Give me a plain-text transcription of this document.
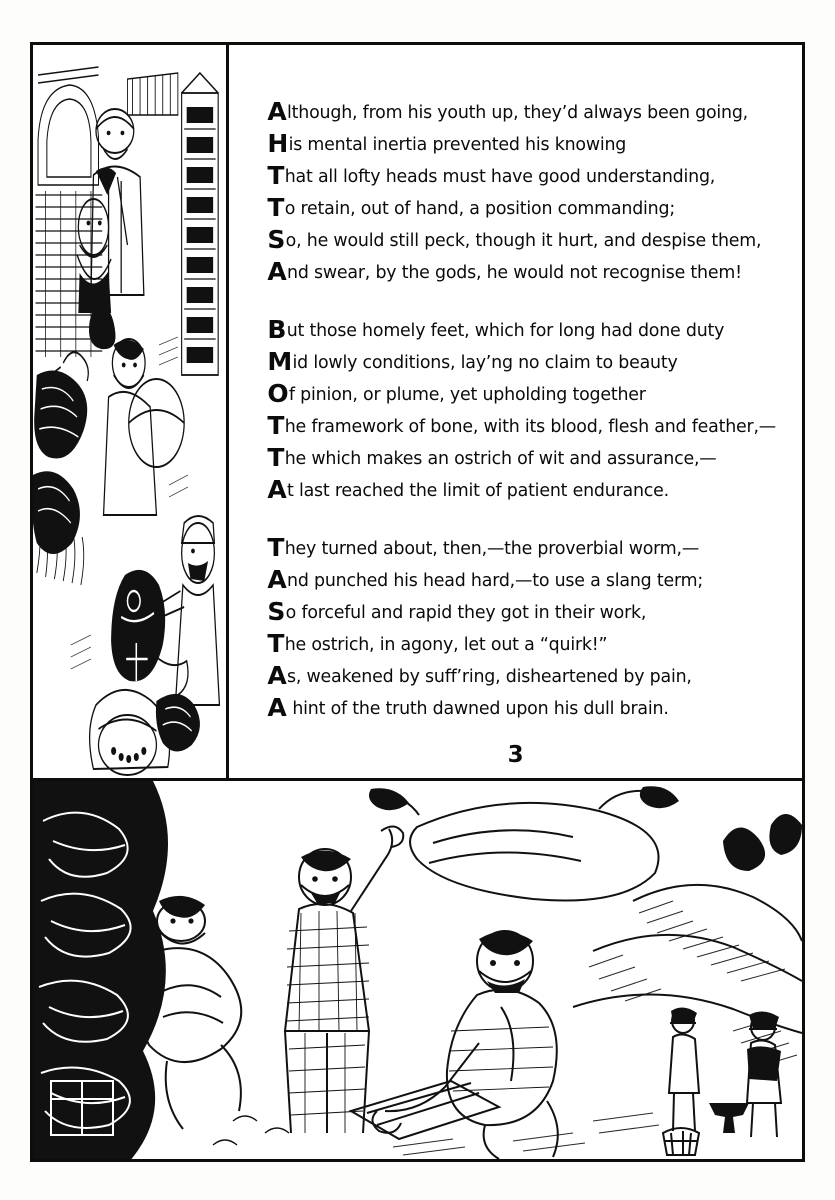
Although, from his youth up, they’d always been going,
His mental inertia prevented his knowing
That all lofty heads must have good understanding,
To retain, out of hand, a position commanding;
So, he would still peck, though it hurt, and despise them,
And swear, by the gods, he would not recognise them!
But those homely feet, which for long had done duty
Mid lowly conditions, lay’ng no claim to beauty
Of pinion, or plume, yet upholding together
The framework of bone, with its blood, flesh and feather,—
The which makes an ostrich of wit and assurance,—
At last reached the limit of patient endurance.
They turned about, then,—the proverbial worm,—
And punched his head hard,—to use a slang term;
So forceful and rapid they got in their work,
The ostrich, in agony, let out a “quirk!”
As, weakened by suff’ring, disheartened by pain,
A hint of the truth dawned upon his dull brain.
3
